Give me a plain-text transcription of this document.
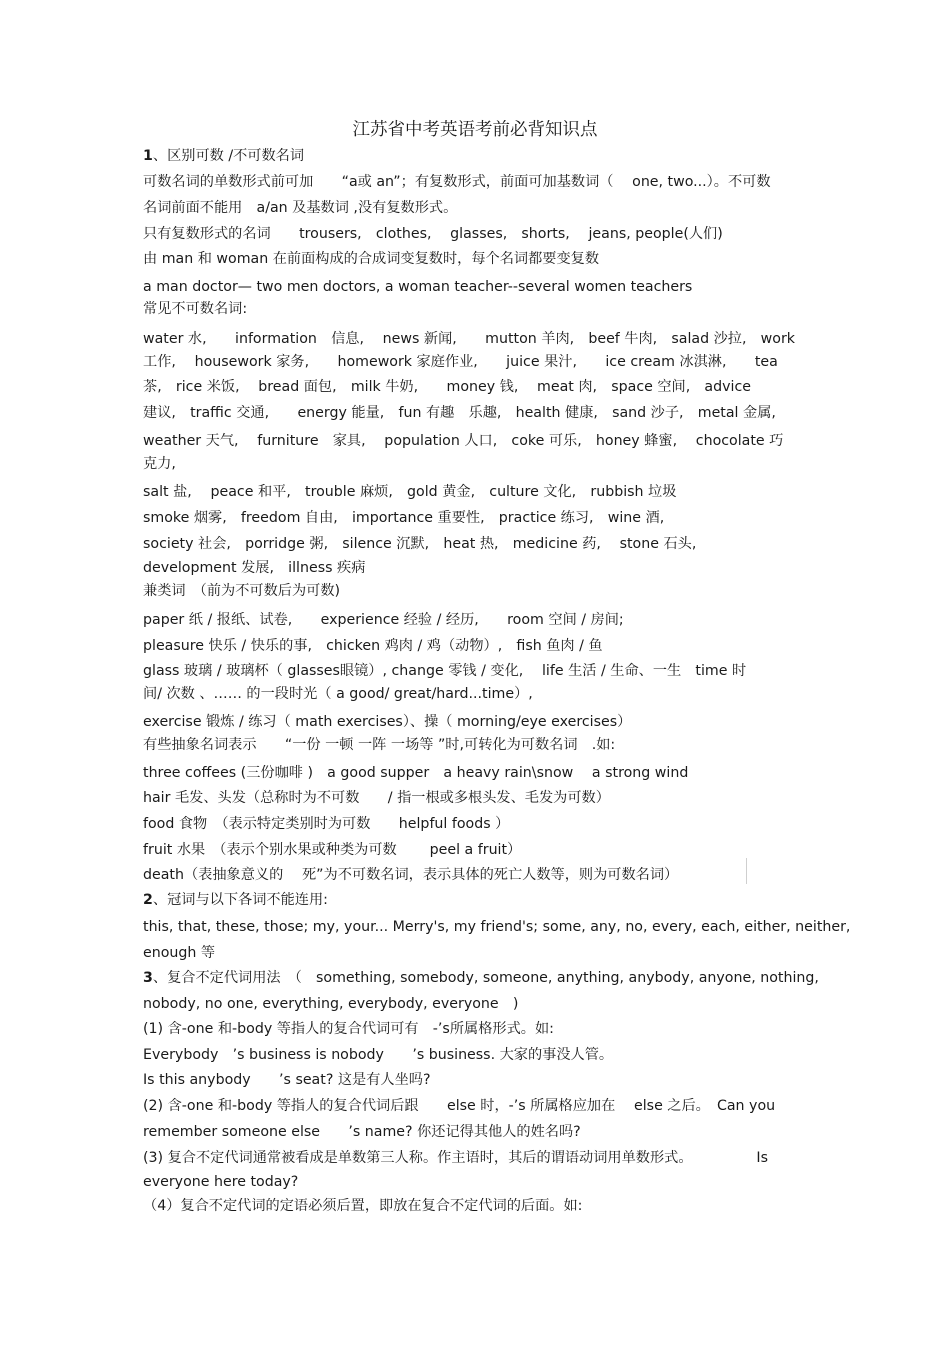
江苏省中考英语考前必背知识点
1、区别可数 /不可数名词
可数名词的单数形式前可加　　“a或 an”；有复数形式，前面可加基数词（　 one, two...）。不可数
名词前面不能用　a/an 及基数词 ,没有复数形式。
只有复数形式的名词　　trousers,　clothes,　 glasses,　shorts,　 jeans, people(人们)
由 man 和 woman 在前面构成的合成词变复数时，每个名词都要变复数
a man doctor— two men doctors, a woman teacher--several women teachers
常见不可数名词:
water 水,　　information　信息,　 news 新闻,　　mutton 羊肉,　beef 牛肉,　salad 沙拉,　work
工作,　 housework 家务,　　homework 家庭作业,　　juice 果汁,　　ice cream 冰淇淋,　　tea
茶,　rice 米饭,　 bread 面包,　milk 牛奶,　　money 钱,　 meat 肉,　space 空间,　advice
建议,　traffic 交通,　　energy 能量,　fun 有趣　乐趣,　health 健康,　sand 沙子,　metal 金属,
weather 天气,　 furniture　家具,　 population 人口,　coke 可乐,　honey 蜂蜜,　 chocolate 巧
克力,
salt 盐,　 peace 和平,　trouble 麻烦,　gold 黄金,　culture 文化,　rubbish 垃圾
smoke 烟雾,　freedom 自由,　importance 重要性,　practice 练习,　wine 酒,
society 社会,　porridge 粥,　silence 沉默,　heat 热,　medicine 药,　 stone 石头,
development 发展,　illness 疾病
兼类词　（前为不可数后为可数)
paper 纸 / 报纸、试卷,　　experience 经验 / 经历,　　room 空间 / 房间;
pleasure 快乐 / 快乐的事,　chicken 鸡肉 / 鸡（动物）,　fish 鱼肉 / 鱼
glass 玻璃 / 玻璃杯（ glasses眼镜）, change 零钱 / 变化,　 life 生活 / 生命、一生　time 时
间/ 次数 、…… 的一段时光（ a good/ great/hard...time）,
exercise 锻炼 / 练习（ math exercises）、操（ morning/eye exercises）
有些抽象名词表示　　“一份 一顿 一阵 一场等 ”时,可转化为可数名词　.如:
three coffees (三份咖啡 )　a good supper　a heavy rain\snow　 a strong wind
hair 毛发、头发（总称时为不可数　　/ 指一根或多根头发、毛发为可数）
food 食物　（表示特定类别时为可数　　helpful foods ）
fruit 水果　（表示个别水果或种类为可数　　 peel a fruit）
death（表抽象意义的　 死”为不可数名词，表示具体的死亡人数等，则为可数名词）
2、冠词与以下各词不能连用:
this, that, these, those; my, your... Merry's, my friend's; some, any, no, every, each, either, neither,
enough 等
3、复合不定代词用法　（　something, somebody, someone, anything, anybody, anyone, nothing,
nobody, no one, everything, everybody, everyone　)
(1) 含-one 和-body 等指人的复合代词可有　-’s所属格形式。如:
Everybody　’s business is nobody　　’s business. 大家的事没人管。
Is this anybody　　’s seat? 这是有人坐吗?
(2) 含-one 和-body 等指人的复合代词后跟　　else 时，-’s 所属格应加在　 else 之后。　Can you
remember someone else　　’s name? 你还记得其他人的姓名吗?
(3) 复合不定代词通常被看成是单数第三人称。作主语时，其后的谓语动词用单数形式。　　　　　Is
everyone here today?
（4）复合不定代词的定语必须后置，即放在复合不定代词的后面。如:
